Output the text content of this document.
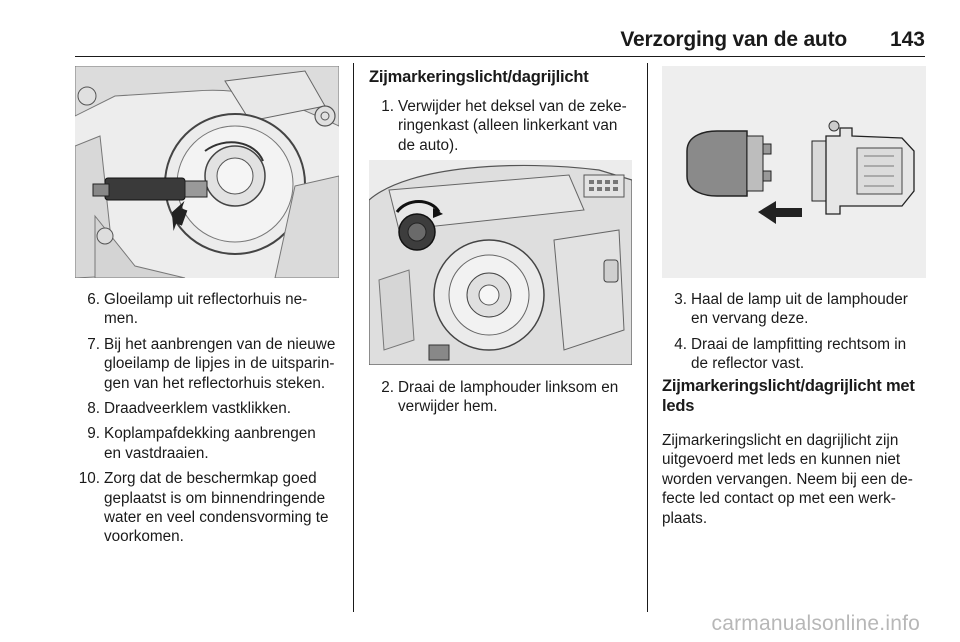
Verzorging van de auto 143
6. Gloeilamp uit reflectorhuis ne-
men.
7. Bij het aanbrengen van de nieuwe
gloeilamp de lipjes in de uitsparin-
gen van het reflectorhuis steken.
8. Draadveerklem vastklikken.
9. Koplampafdekking aanbrengen
en vastdraaien.
10. Zorg dat de beschermkap goed
geplaatst is om binnendringende
water en veel condensvorming te
voorkomen.
Zijmarkeringslicht/dagrijlicht
1. Verwijder het deksel van de zeke-
ringenkast (alleen linkerkant van
de auto).
2. Draai de lamphouder linksom en
verwijder hem.
3. Haal de lamp uit de lamphouder
en vervang deze.
4. Draai de lampfitting rechtsom in
de reflector vast.
Zijmarkeringslicht/dagrijlicht met
leds

Zijmarkeringslicht en dagrijlicht zijn
uitgevoerd met leds en kunnen niet
worden vervangen. Neem bij een de-
fecte led contact op met een werk-
plaats.

carmanualsonline.info
